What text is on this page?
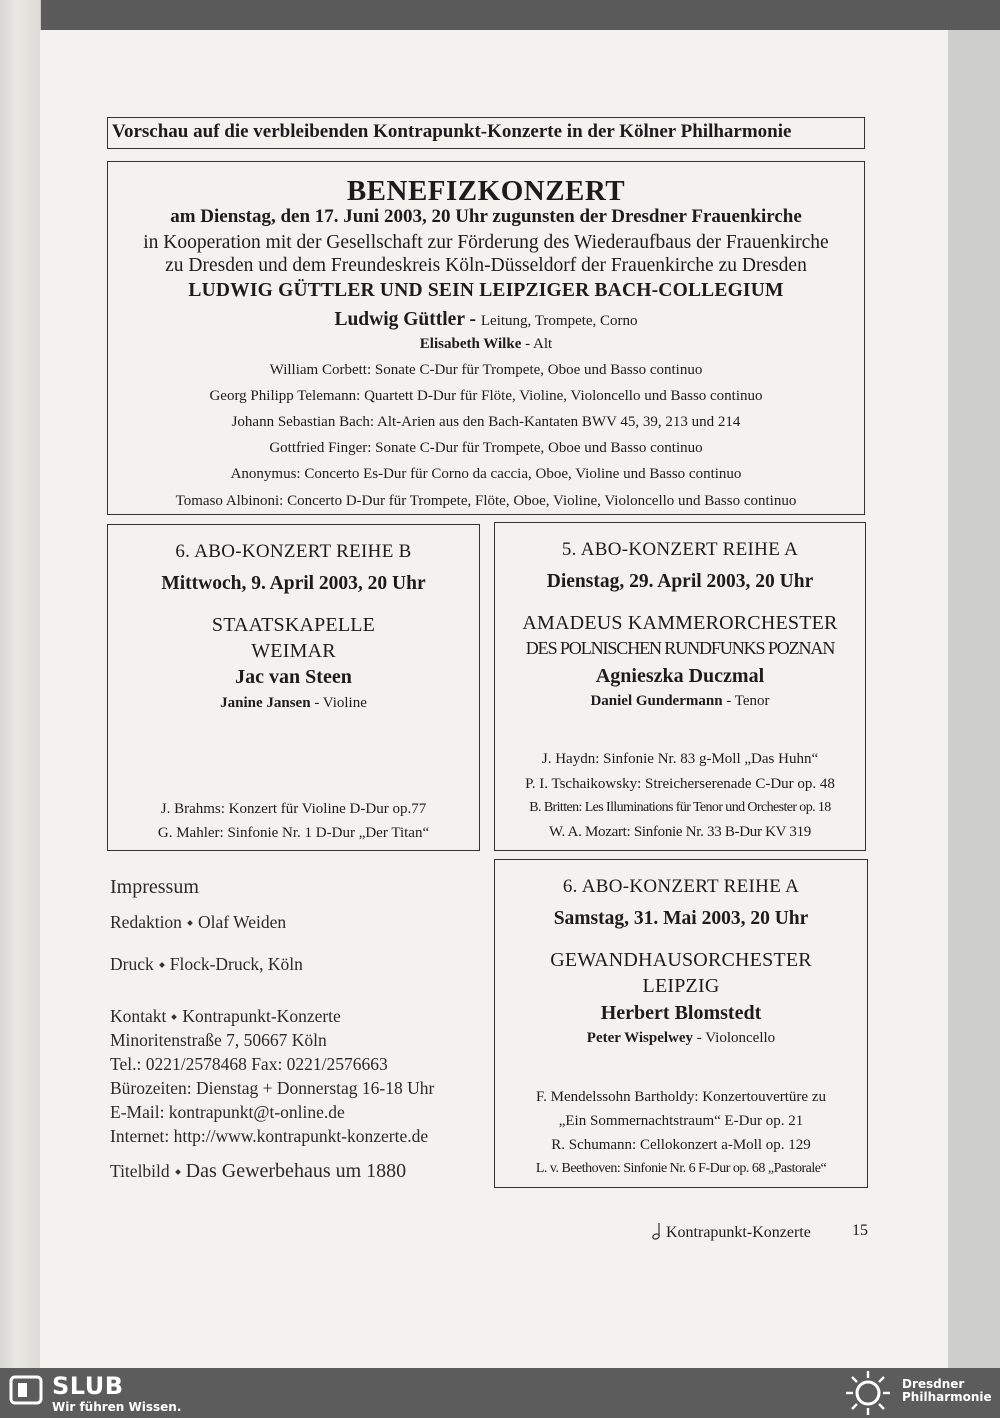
Vorschau auf die verbleibenden Kontrapunkt-Konzerte in der Kölner Philharmonie
BENEFIZKONZERT
am Dienstag, den 17. Juni 2003, 20 Uhr zugunsten der Dresdner Frauenkirche
in Kooperation mit der Gesellschaft zur Förderung des Wiederaufbaus der Frauenkirche
zu Dresden und dem Freundeskreis Köln-Düsseldorf der Frauenkirche zu Dresden
LUDWIG GÜTTLER UND SEIN LEIPZIGER BACH-COLLEGIUM
Ludwig Güttler - Leitung, Trompete, Corno
Elisabeth Wilke - Alt
William Corbett: Sonate C-Dur für Trompete, Oboe und Basso continuo
Georg Philipp Telemann: Quartett D-Dur für Flöte, Violine, Violoncello und Basso continuo
Johann Sebastian Bach: Alt-Arien aus den Bach-Kantaten BWV 45, 39, 213 und 214
Gottfried Finger: Sonate C-Dur für Trompete, Oboe und Basso continuo
Anonymus: Concerto Es-Dur für Corno da caccia, Oboe, Violine und Basso continuo
Tomaso Albinoni: Concerto D-Dur für Trompete, Flöte, Oboe, Violine, Violoncello und Basso continuo
6. ABO-KONZERT REIHE B
Mittwoch, 9. April 2003, 20 Uhr
STAATSKAPELLE
WEIMAR
Jac van Steen
Janine Jansen - Violine
J. Brahms: Konzert für Violine D-Dur op.77
G. Mahler: Sinfonie Nr. 1 D-Dur „Der Titan“
5. ABO-KONZERT REIHE A
Dienstag, 29. April 2003, 20 Uhr
AMADEUS KAMMERORCHESTER
DES POLNISCHEN RUNDFUNKS POZNAN
Agnieszka Duczmal
Daniel Gundermann - Tenor
J. Haydn: Sinfonie Nr. 83 g-Moll „Das Huhn“
P. I. Tschaikowsky: Streicherserenade C-Dur op. 48
B. Britten: Les Illuminations für Tenor und Orchester op. 18
W. A. Mozart: Sinfonie Nr. 33 B-Dur KV 319
6. ABO-KONZERT REIHE A
Samstag, 31. Mai 2003, 20 Uhr
GEWANDHAUSORCHESTER
LEIPZIG
Herbert Blomstedt
Peter Wispelwey - Violoncello
F. Mendelssohn Bartholdy: Konzertouvertüre zu
„Ein Sommernachtstraum“ E-Dur op. 21
R. Schumann: Cellokonzert a-Moll op. 129
L. v. Beethoven: Sinfonie Nr. 6 F-Dur op. 68 „Pastorale“
Impressum
Redaktion Olaf Weiden
Druck Flock-Druck, Köln
Kontakt Kontrapunkt-Konzerte
Minoritenstraße 7, 50667 Köln
Tel.: 0221/2578468 Fax: 0221/2576663
Bürozeiten: Dienstag + Donnerstag 16-18 Uhr
E-Mail: kontrapunkt@t-online.de
Internet: http://www.kontrapunkt-konzerte.de
Titelbild Das Gewerbehaus um 1880
Kontrapunkt-Konzerte	15
SLUB
Wir führen Wissen.
Dresdner
Philharmonie
